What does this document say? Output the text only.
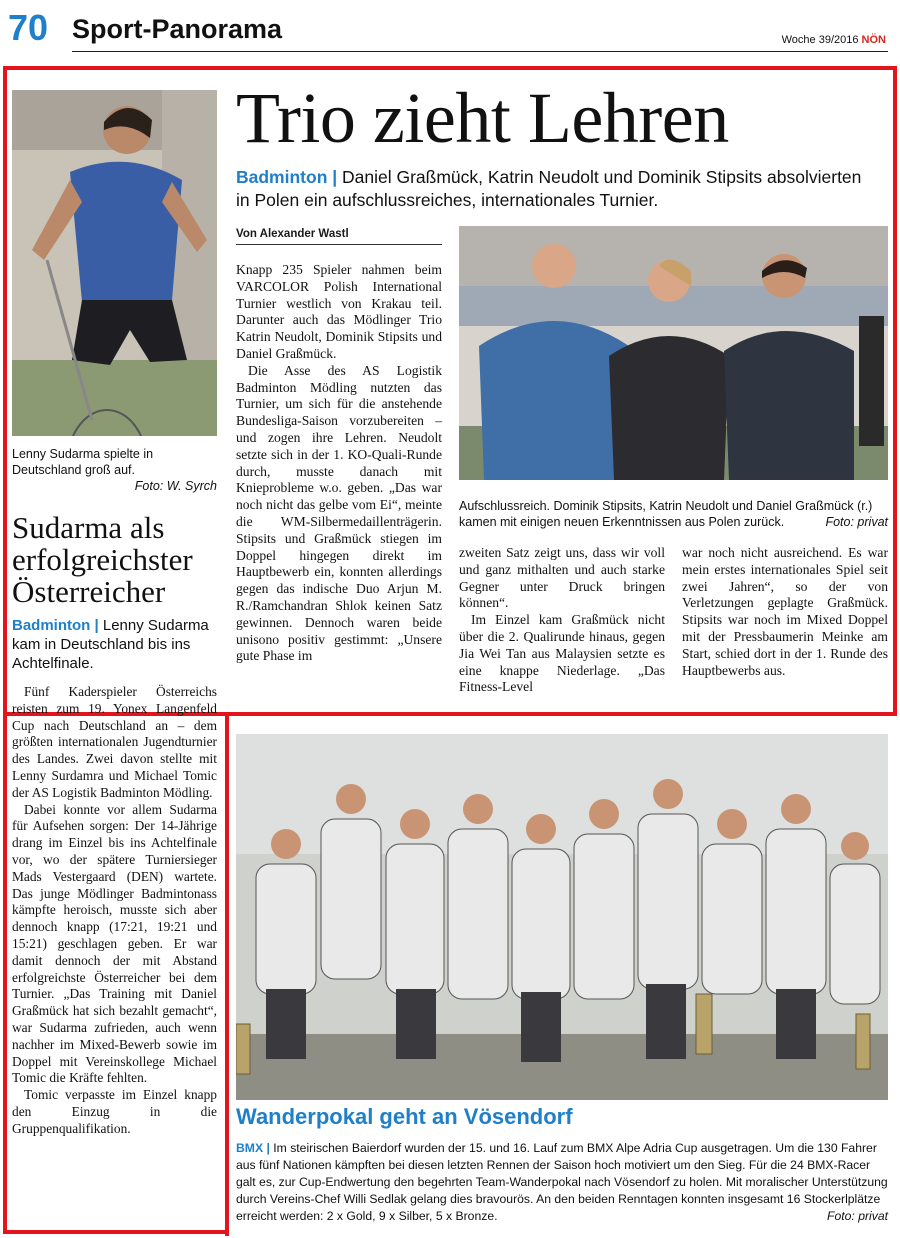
70 Sport-Panorama	Woche 39/2016 NÖN
Lenny Sudarma spielte in Deutschland groß auf.
Foto: W. Syrch
Trio zieht Lehren
Badminton | Daniel Graßmück, Katrin Neudolt und Dominik Stipsits absolvierten in Polen ein aufschlussreiches, internationales Turnier.
Von Alexander Wastl

Knapp 235 Spieler nahmen beim VARCOLOR Polish International Turnier westlich von Krakau teil. Darunter auch das Mödlinger Trio Katrin Neudolt, Dominik Stipsits und Daniel Graßmück.

Die Asse des AS Logistik Badminton Mödling nutzten das Turnier, um sich für die anstehende Bundesliga-Saison vorzubereiten – und zogen ihre Lehren. Neudolt setzte sich in der 1. KO-Quali-Runde durch, musste danach mit Knieprobleme w.o. geben. „Das war noch nicht das gelbe vom Ei“, meinte die WM-Silbermedaillenträgerin. Stipsits und Graßmück stiegen im Doppel hingegen direkt im Hauptbewerb ein, konnten allerdings gegen das indische Duo Arjun M. R./Ramchandran Shlok keinen Satz gewinnen. Dennoch waren beide unisono positiv gestimmt: „Unsere gute Phase im

Aufschlussreich. Dominik Stipsits, Katrin Neudolt und Daniel Graßmück (r.) kamen mit einigen neuen Erkenntnissen aus Polen zurück.	Foto: privat

zweiten Satz zeigt uns, dass wir voll und ganz mithalten und auch starke Gegner unter Druck bringen können“.

Im Einzel kam Graßmück nicht über die 2. Qualirunde hinaus, gegen Jia Wei Tan aus Malaysien setzte es eine knappe Niederlage. „Das Fitness-Level

war noch nicht ausreichend. Es war mein erstes internationales Spiel seit zwei Jahren“, so der von Verletzungen geplagte Graßmück. Stipsits war noch im Mixed Doppel mit der Pressbaumerin Meinke am Start, schied dort in der 1. Runde des Hauptbewerbs aus.

Sudarma als erfolgreichster Österreicher
Badminton | Lenny Sudarma kam in Deutschland bis ins Achtelfinale.

Fünf Kaderspieler Österreichs reisten zum 19. Yonex Langenfeld Cup nach Deutschland an – dem größten internationalen Jugendturnier des Landes. Zwei davon stellte mit Lenny Surdamra und Michael Tomic der AS Logistik Badminton Mödling.

Dabei konnte vor allem Sudarma für Aufsehen sorgen: Der 14-Jährige drang im Einzel bis ins Achtelfinale vor, wo der spätere Turniersieger Mads Vestergaard (DEN) wartete. Das junge Mödlinger Badmintonass kämpfte heroisch, musste sich aber dennoch knapp (17:21, 19:21 und 15:21) geschlagen geben. Er war damit dennoch der mit Abstand erfolgreichste Österreicher bei dem Turnier. „Das Training mit Daniel Graßmück hat sich bezahlt gemacht“, war Sudarma zufrieden, auch wenn nachher im Mixed-Bewerb sowie im Doppel mit Vereinskollege Michael Tomic die Kräfte fehlten.

Tomic verpasste im Einzel knapp den Einzug in die Gruppenqualifikation.	Wanderpokal geht an Vösendorf
BMX | Im steirischen Baierdorf wurden der 15. und 16. Lauf zum BMX Alpe Adria Cup ausgetragen. Um die 130 Fahrer aus fünf Nationen kämpften bei diesen letzten Rennen der Saison hoch motiviert um den Sieg. Für die 24 BMX-Racer galt es, zur Cup-Endwertung den begehrten Team-Wanderpokal nach Vösendorf zu holen. Mit moralischer Unterstützung durch Vereins-Chef Willi Sedlak gelang dies bravourös. An den beiden Renntagen konnten insgesamt 16 Stockerlplätze erreicht werden: 2 x Gold, 9 x Silber, 5 x Bronze.	Foto: privat
